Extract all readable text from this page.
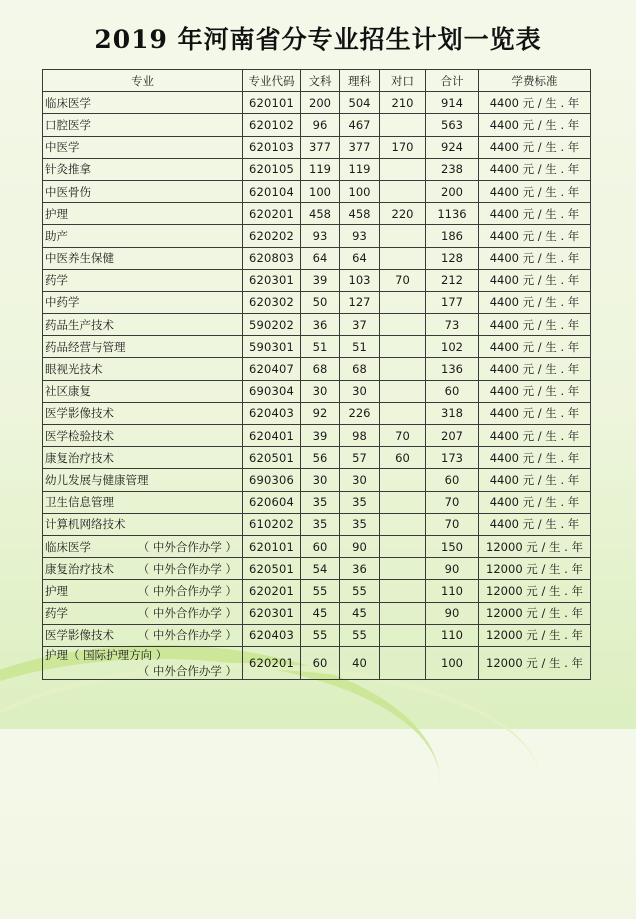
2019 年河南省分专业招生计划一览表
专业	专业代码	文科	理科	对口	合计	学费标准
临床医学	620101	200	504	210	914	4400 元 / 生 . 年
口腔医学	620102	96	467		563	4400 元 / 生 . 年
中医学	620103	377	377	170	924	4400 元 / 生 . 年
针灸推拿	620105	119	119		238	4400 元 / 生 . 年
中医骨伤	620104	100	100		200	4400 元 / 生 . 年
护理	620201	458	458	220	1136	4400 元 / 生 . 年
助产	620202	93	93		186	4400 元 / 生 . 年
中医养生保健	620803	64	64		128	4400 元 / 生 . 年
药学	620301	39	103	70	212	4400 元 / 生 . 年
中药学	620302	50	127		177	4400 元 / 生 . 年
药品生产技术	590202	36	37		73	4400 元 / 生 . 年
药品经营与管理	590301	51	51		102	4400 元 / 生 . 年
眼视光技术	620407	68	68		136	4400 元 / 生 . 年
社区康复	690304	30	30		60	4400 元 / 生 . 年
医学影像技术	620403	92	226		318	4400 元 / 生 . 年
医学检验技术	620401	39	98	70	207	4400 元 / 生 . 年
康复治疗技术	620501	56	57	60	173	4400 元 / 生 . 年
幼儿发展与健康管理	690306	30	30		60	4400 元 / 生 . 年
卫生信息管理	620604	35	35		70	4400 元 / 生 . 年
计算机网络技术	610202	35	35		70	4400 元 / 生 . 年
临床医学 （ 中外合作办学 ）	620101	60	90		150	12000 元 / 生 . 年
康复治疗技术 （ 中外合作办学 ）	620501	54	36		90	12000 元 / 生 . 年
护理 （ 中外合作办学 ）	620201	55	55		110	12000 元 / 生 . 年
药学 （ 中外合作办学 ）	620301	45	45		90	12000 元 / 生 . 年
医学影像技术 （ 中外合作办学 ）	620403	55	55		110	12000 元 / 生 . 年
护理（ 国际护理方向 ）
（ 中外合作办学 ）	620201	60	40		100	12000 元 / 生 . 年
